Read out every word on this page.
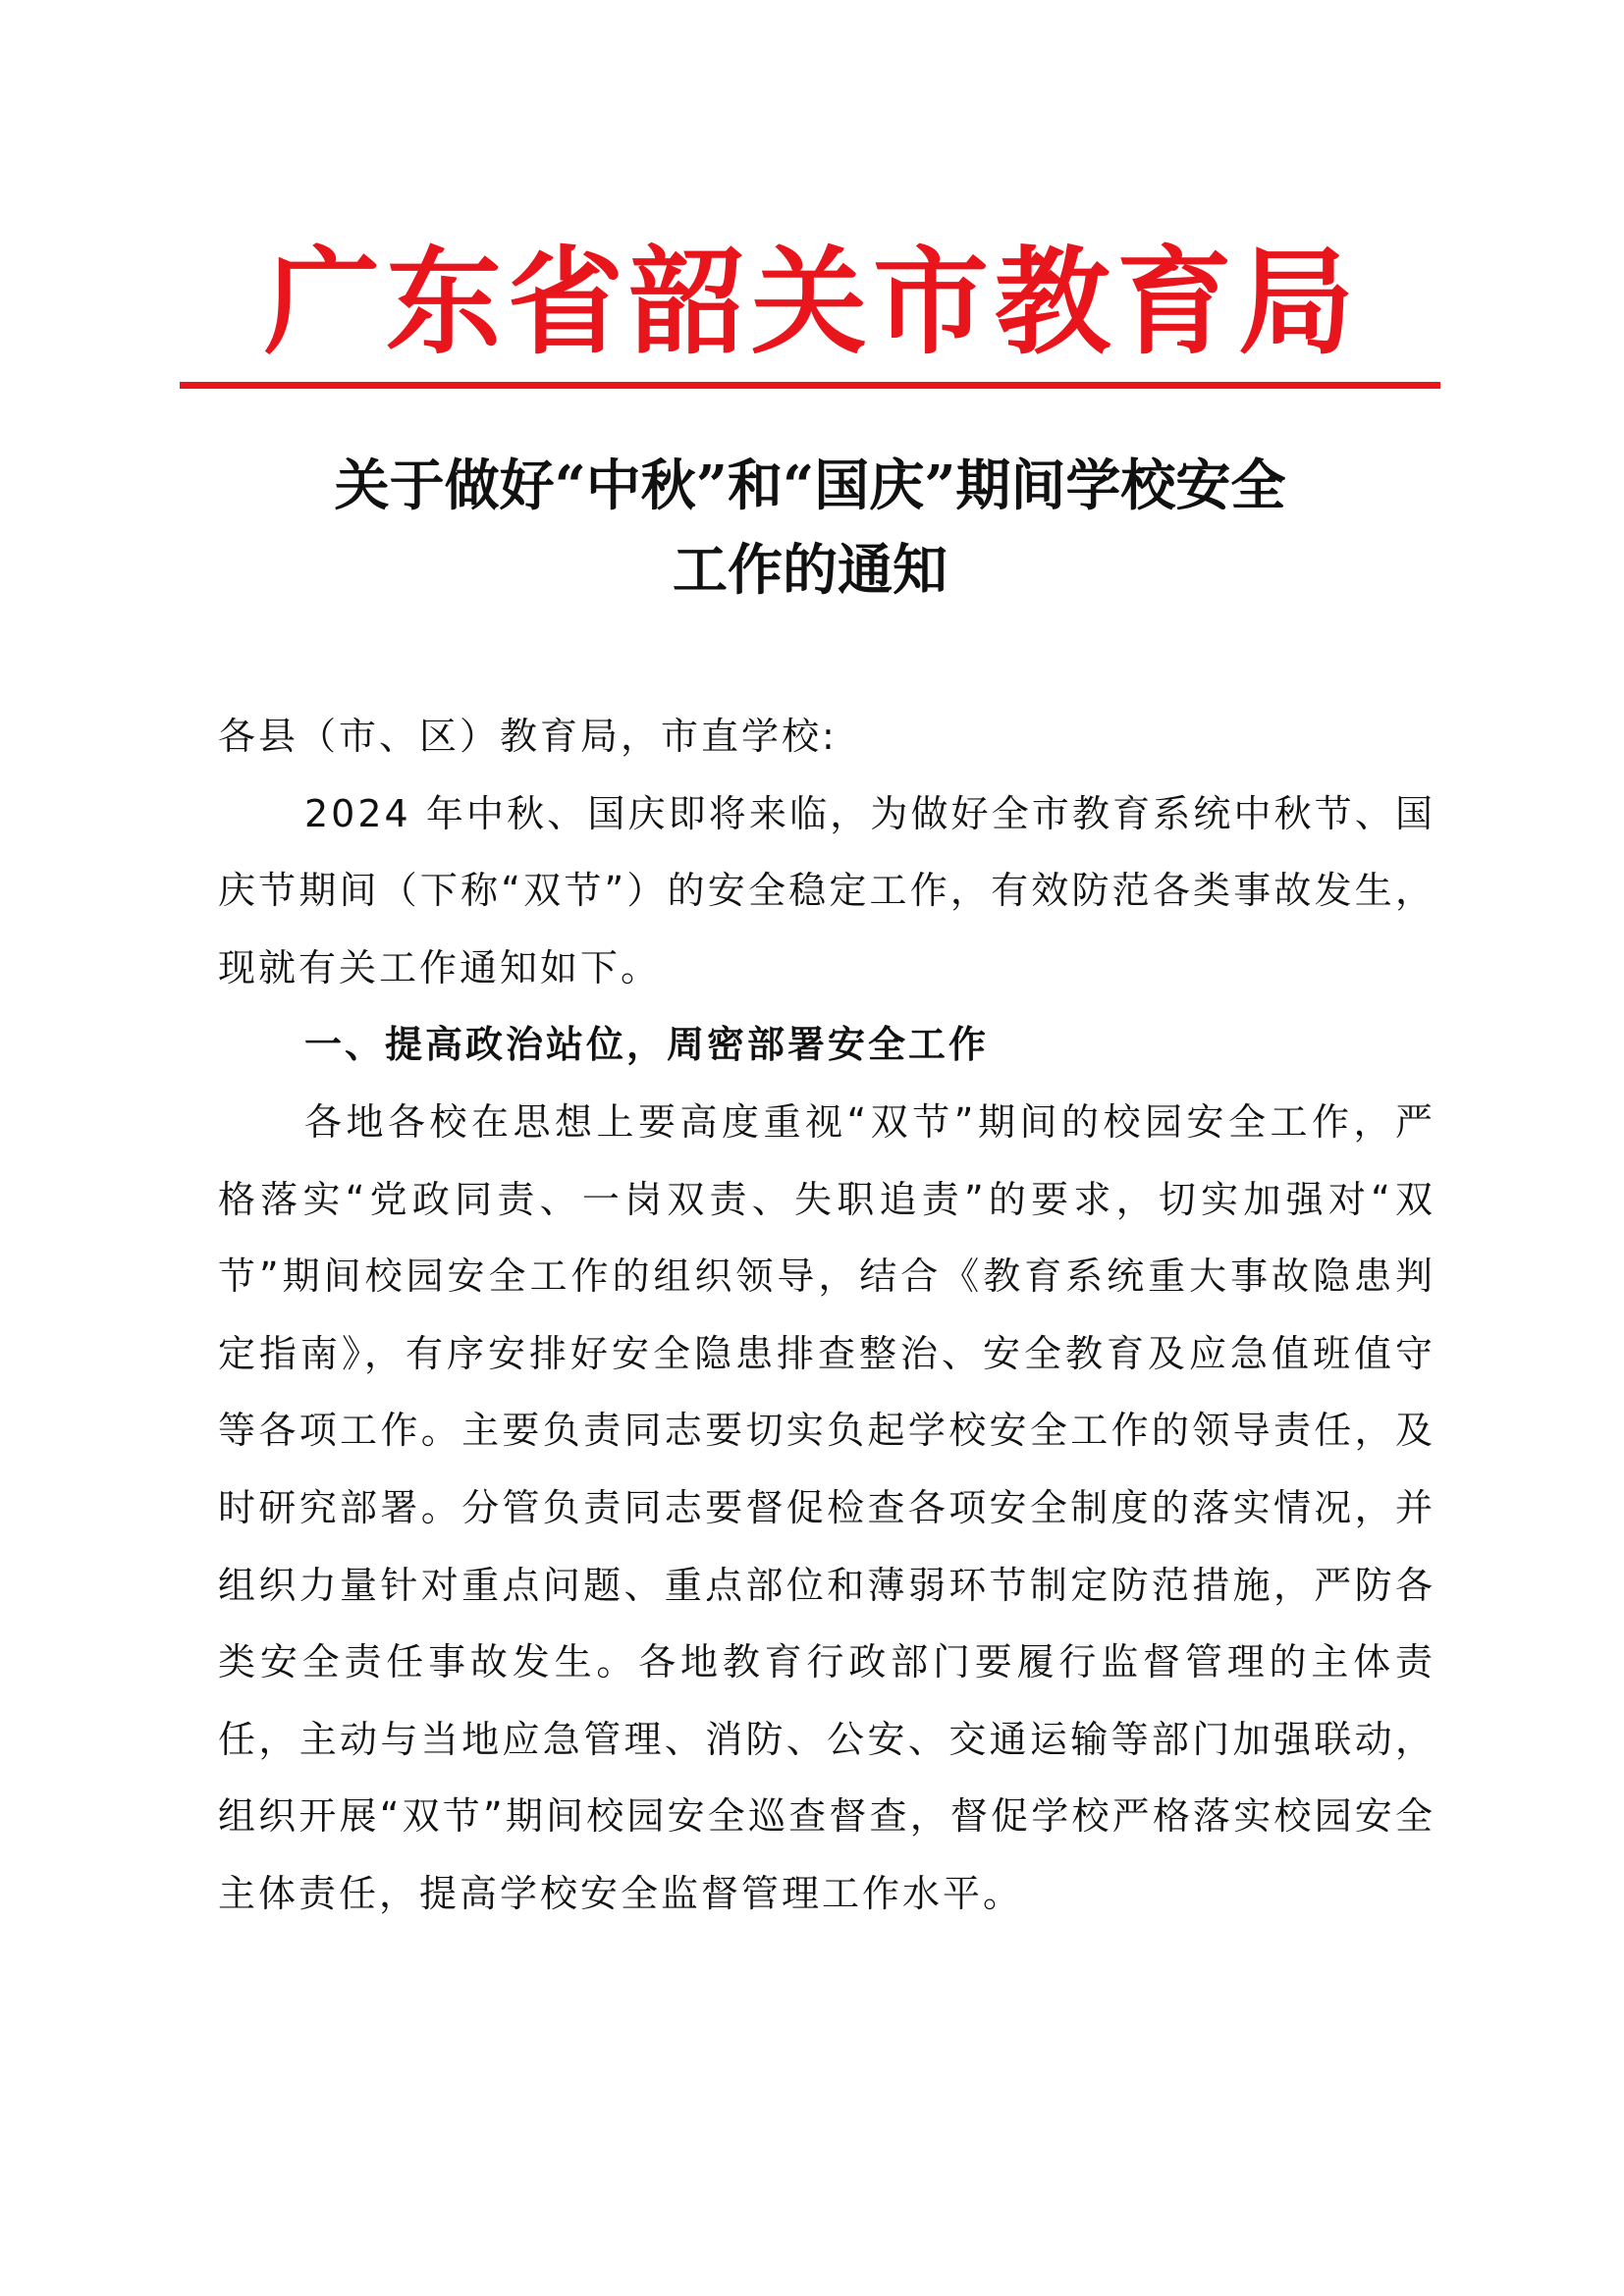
广东省韶关市教育局
关于做好“中秋”和“国庆”期间学校安全
工作的通知

各县（市、区）教育局，市直学校:

2024 年中秋、国庆即将来临，为做好全市教育系统中秋节、国庆节期间（下称“双节”）的安全稳定工作，有效防范各类事故发生，现就有关工作通知如下。

一、提高政治站位，周密部署安全工作

各地各校在思想上要高度重视“双节”期间的校园安全工作，严格落实“党政同责、一岗双责、失职追责”的要求，切实加强对“双节”期间校园安全工作的组织领导，结合《教育系统重大事故隐患判定指南》，有序安排好安全隐患排查整治、安全教育及应急值班值守等各项工作。主要负责同志要切实负起学校安全工作的领导责任，及时研究部署。分管负责同志要督促检查各项安全制度的落实情况，并组织力量针对重点问题、重点部位和薄弱环节制定防范措施，严防各类安全责任事故发生。各地教育行政部门要履行监督管理的主体责任，主动与当地应急管理、消防、公安、交通运输等部门加强联动，组织开展“双节”期间校园安全巡查督查，督促学校严格落实校园安全主体责任，提高学校安全监督管理工作水平。
